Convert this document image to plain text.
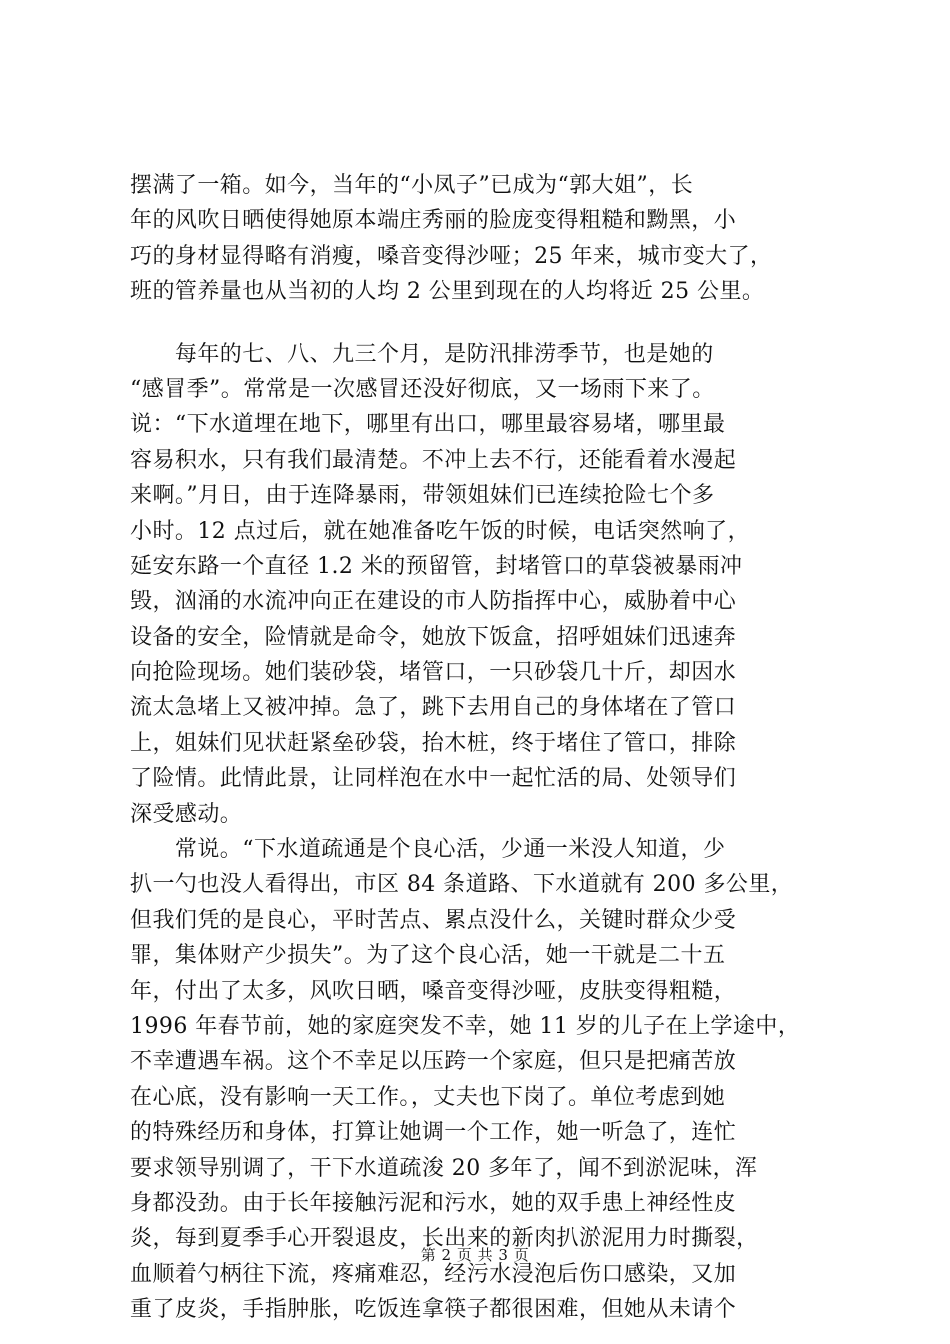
摆满了一箱。如今，当年的“小凤子”已成为“郭大姐”，长
年的风吹日晒使得她原本端庄秀丽的脸庞变得粗糙和黝黑，小
巧的身材显得略有消瘦，嗓音变得沙哑；25 年来，城市变大了，
班的管养量也从当初的人均 2 公里到现在的人均将近 25 公里。
　　每年的七、八、九三个月，是防汛排涝季节，也是她的
“感冒季”。常常是一次感冒还没好彻底，又一场雨下来了。
说：“下水道埋在地下，哪里有出口，哪里最容易堵，哪里最
容易积水，只有我们最清楚。不冲上去不行，还能看着水漫起
来啊。”月日，由于连降暴雨，带领姐妹们已连续抢险七个多
小时。12 点过后，就在她准备吃午饭的时候，电话突然响了，
延安东路一个直径 1.2 米的预留管，封堵管口的草袋被暴雨冲
毁，汹涌的水流冲向正在建设的市人防指挥中心，威胁着中心
设备的安全，险情就是命令，她放下饭盒，招呼姐妹们迅速奔
向抢险现场。她们装砂袋，堵管口，一只砂袋几十斤，却因水
流太急堵上又被冲掉。急了，跳下去用自己的身体堵在了管口
上，姐妹们见状赶紧垒砂袋，抬木桩，终于堵住了管口，排除
了险情。此情此景，让同样泡在水中一起忙活的局、处领导们
深受感动。
　　常说。“下水道疏通是个良心活，少通一米没人知道，少
扒一勺也没人看得出，市区 84 条道路、下水道就有 200 多公里，
但我们凭的是良心，平时苦点、累点没什么，关键时群众少受
罪，集体财产少损失”。为了这个良心活，她一干就是二十五
年，付出了太多，风吹日晒，嗓音变得沙哑，皮肤变得粗糙，
1996 年春节前，她的家庭突发不幸，她 11 岁的儿子在上学途中，
不幸遭遇车祸。这个不幸足以压跨一个家庭，但只是把痛苦放
在心底，没有影响一天工作。，丈夫也下岗了。单位考虑到她
的特殊经历和身体，打算让她调一个工作，她一听急了，连忙
要求领导别调了，干下水道疏浚 20 多年了，闻不到淤泥味，浑
身都没劲。由于长年接触污泥和污水，她的双手患上神经性皮
炎，每到夏季手心开裂退皮，长出来的新肉扒淤泥用力时撕裂，
血顺着勺柄往下流，疼痛难忍，经污水浸泡后伤口感染，又加
重了皮炎，手指肿胀，吃饭连拿筷子都很困难，但她从未请个
第 2 页 共 3 页
